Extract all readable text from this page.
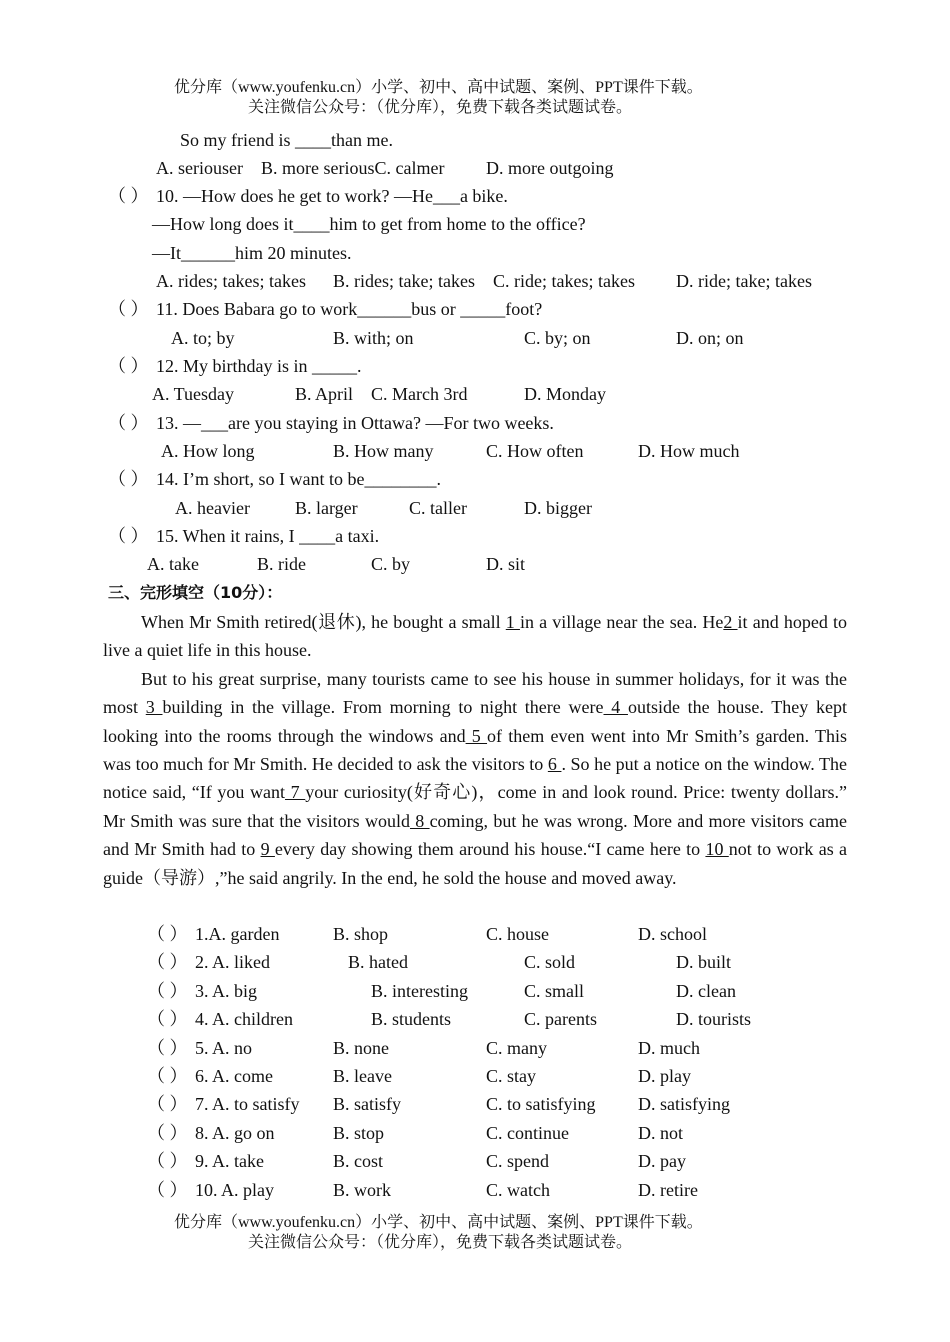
优分库（www.youfenku.cn）小学、初中、高中试题、案例、PPT课件下载。
关注微信公众号：（优分库），免费下载各类试题试卷。
So my friend is ____than me.
A. seriouser B. more seriousC. calmer D. more outgoing
（ ） 10. —How does he get to work? —He___a bike.
—How long does it____him to get from home to the office?
—It______him 20 minutes.
A. rides; takes; takes B. rides; take; takes C. ride; takes; takes D. ride; take; takes
（ ） 11. Does Babara go to work______bus or _____foot?
A. to; by	B. with; on	C. by; on	D. on; on
（ ） 12. My birthday is in _____.
A. Tuesday	B. April C. March 3rd	D. Monday
（ ） 13. —___are you staying in Ottawa? —For two weeks.
A. How long	B. How many	C. How often	D. How much
（ ） 14. I’m short, so I want to be________.
A. heavier	B. larger	C. taller	D. bigger
（ ） 15. When it rains, I ____a taxi.
A. take	B. ride	C. by	D. sit
三、完形填空（10分）：

When Mr Smith retired(退休), he bought a small 1 in a village near the sea. He2 it and hoped to live a quiet life in this house.

But to his great surprise, many tourists came to see his house in summer holidays, for it was the most 3 building in the village. From morning to night there were 4 outside the house. They kept looking into the rooms through the windows and 5 of them even went into Mr Smith’s garden. This was too much for Mr Smith. He decided to ask the visitors to 6 . So he put a notice on the window. The notice said, “If you want 7 your curiosity(好奇心)，come in and look round. Price: twenty dollars.” Mr Smith was sure that the visitors would 8 coming, but he was wrong. More and more visitors came and Mr Smith had to 9 every day showing them around his house.“I came here to 10 not to work as a guide（导游）,”he said angrily. In the end, he sold the house and moved away.

（ ） 1.A. garden	B. shop	C. house	D. school
（ ） 2. A. liked	B. hated	C. sold	D. built
（ ） 3. A. big	B. interesting	C. small	D. clean
（ ） 4. A. children	B. students	C. parents	D. tourists
（ ） 5. A. no	B. none	C. many	D. much
（ ） 6. A. come	B. leave	C. stay	D. play
（ ） 7. A. to satisfy B. satisfy	C. to satisfying D. satisfying
（ ） 8. A. go on	B. stop	C. continue	D. not
（ ） 9. A. take	B. cost	C. spend	D. pay
（ ） 10. A. play	B. work	C. watch	D. retire
优分库（www.youfenku.cn）小学、初中、高中试题、案例、PPT课件下载。
关注微信公众号：（优分库），免费下载各类试题试卷。
